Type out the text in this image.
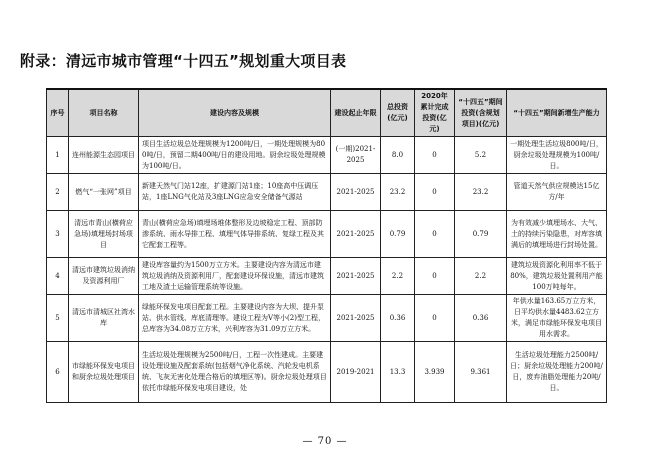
附录：清远市城市管理“十四五”规划重大项目表
序号	项目名称	建设内容及规模	建设起止年限	总投资(亿元)	2020年累计完成投资(亿元)	“十四五”期间投资(含规划项目)(亿元)	“十四五”期间新增生产能力
1	连州能源生态园项目	项目生活垃圾总处理规模为1200吨/日，一期处理规模为800吨/日，预留二期400吨/日的建设用地。厨余垃圾处理规模为100吨/日。	(一期)2021-2025	8.0	0	5.2	一期处理生活垃圾800吨/日，厨余垃圾处理规模为100吨/日。
2	燃气“一张网”项目	新建天然气门站12座，扩建源门站1座；10座高中压调压站，1座LNG气化站及3座LNG应急安全储备气源站	2021-2025	23.2	0	23.2	管道天然气供应规模达15亿方/年
3	清远市青山(横荷应急场)填埋场封场项目	青山(横荷应急场)填埋场堆体整形及边坡稳定工程、顶部防渗系统、雨水导排工程、填埋气体导排系统、复绿工程及其它配套工程等。	2021-2025	0.79	0	0.79	为有效减少填埋场水、大气、土的持续污染隐患，对库容填满后的填埋场进行封场处置。
4	清远市建筑垃圾消纳及资源利用厂	建设库容量约为1500万立方米。主要建设内容为清远市建筑垃圾消纳及资源利用厂，配套建设环保设施，清远市建筑工地及渣土运输管理系统等设施。	2021-2025	2.2	0	2.2	建筑垃圾资源化利用率不低于80%，建筑垃圾处置利用产能100万吨每年。
5	清远市清城区社湾水库	绿能环保发电项目配套工程。主要建设内容为大坝、提升泵站、供水管线、库底清理等。建设工程为V等小(2)型工程，总库容为34.08万立方米，兴利库容为31.09万立方米。	2021-2025	0.36	0	0.36	年供水量163.65万立方米，日平均供水量4483.62立方米，满足市绿能环保发电项目用水需求。
6	市绿能环保发电项目和厨余垃圾处理项目	生活垃圾处理规模为2500吨/日，工程一次性建成。主要建设处理设施及配套系统(包括烟气净化系统、汽轮发电机系统、飞灰无害化处理合格后的填埋区等)。厨余垃圾处理项目依托市绿能环保发电项目建设，处	2019-2021	13.3	3.939	9.361	生活垃圾处理能力2500吨/日；厨余垃圾处理能力200吨/日，废弃油脂处理能力20吨/日。
— 70 —
